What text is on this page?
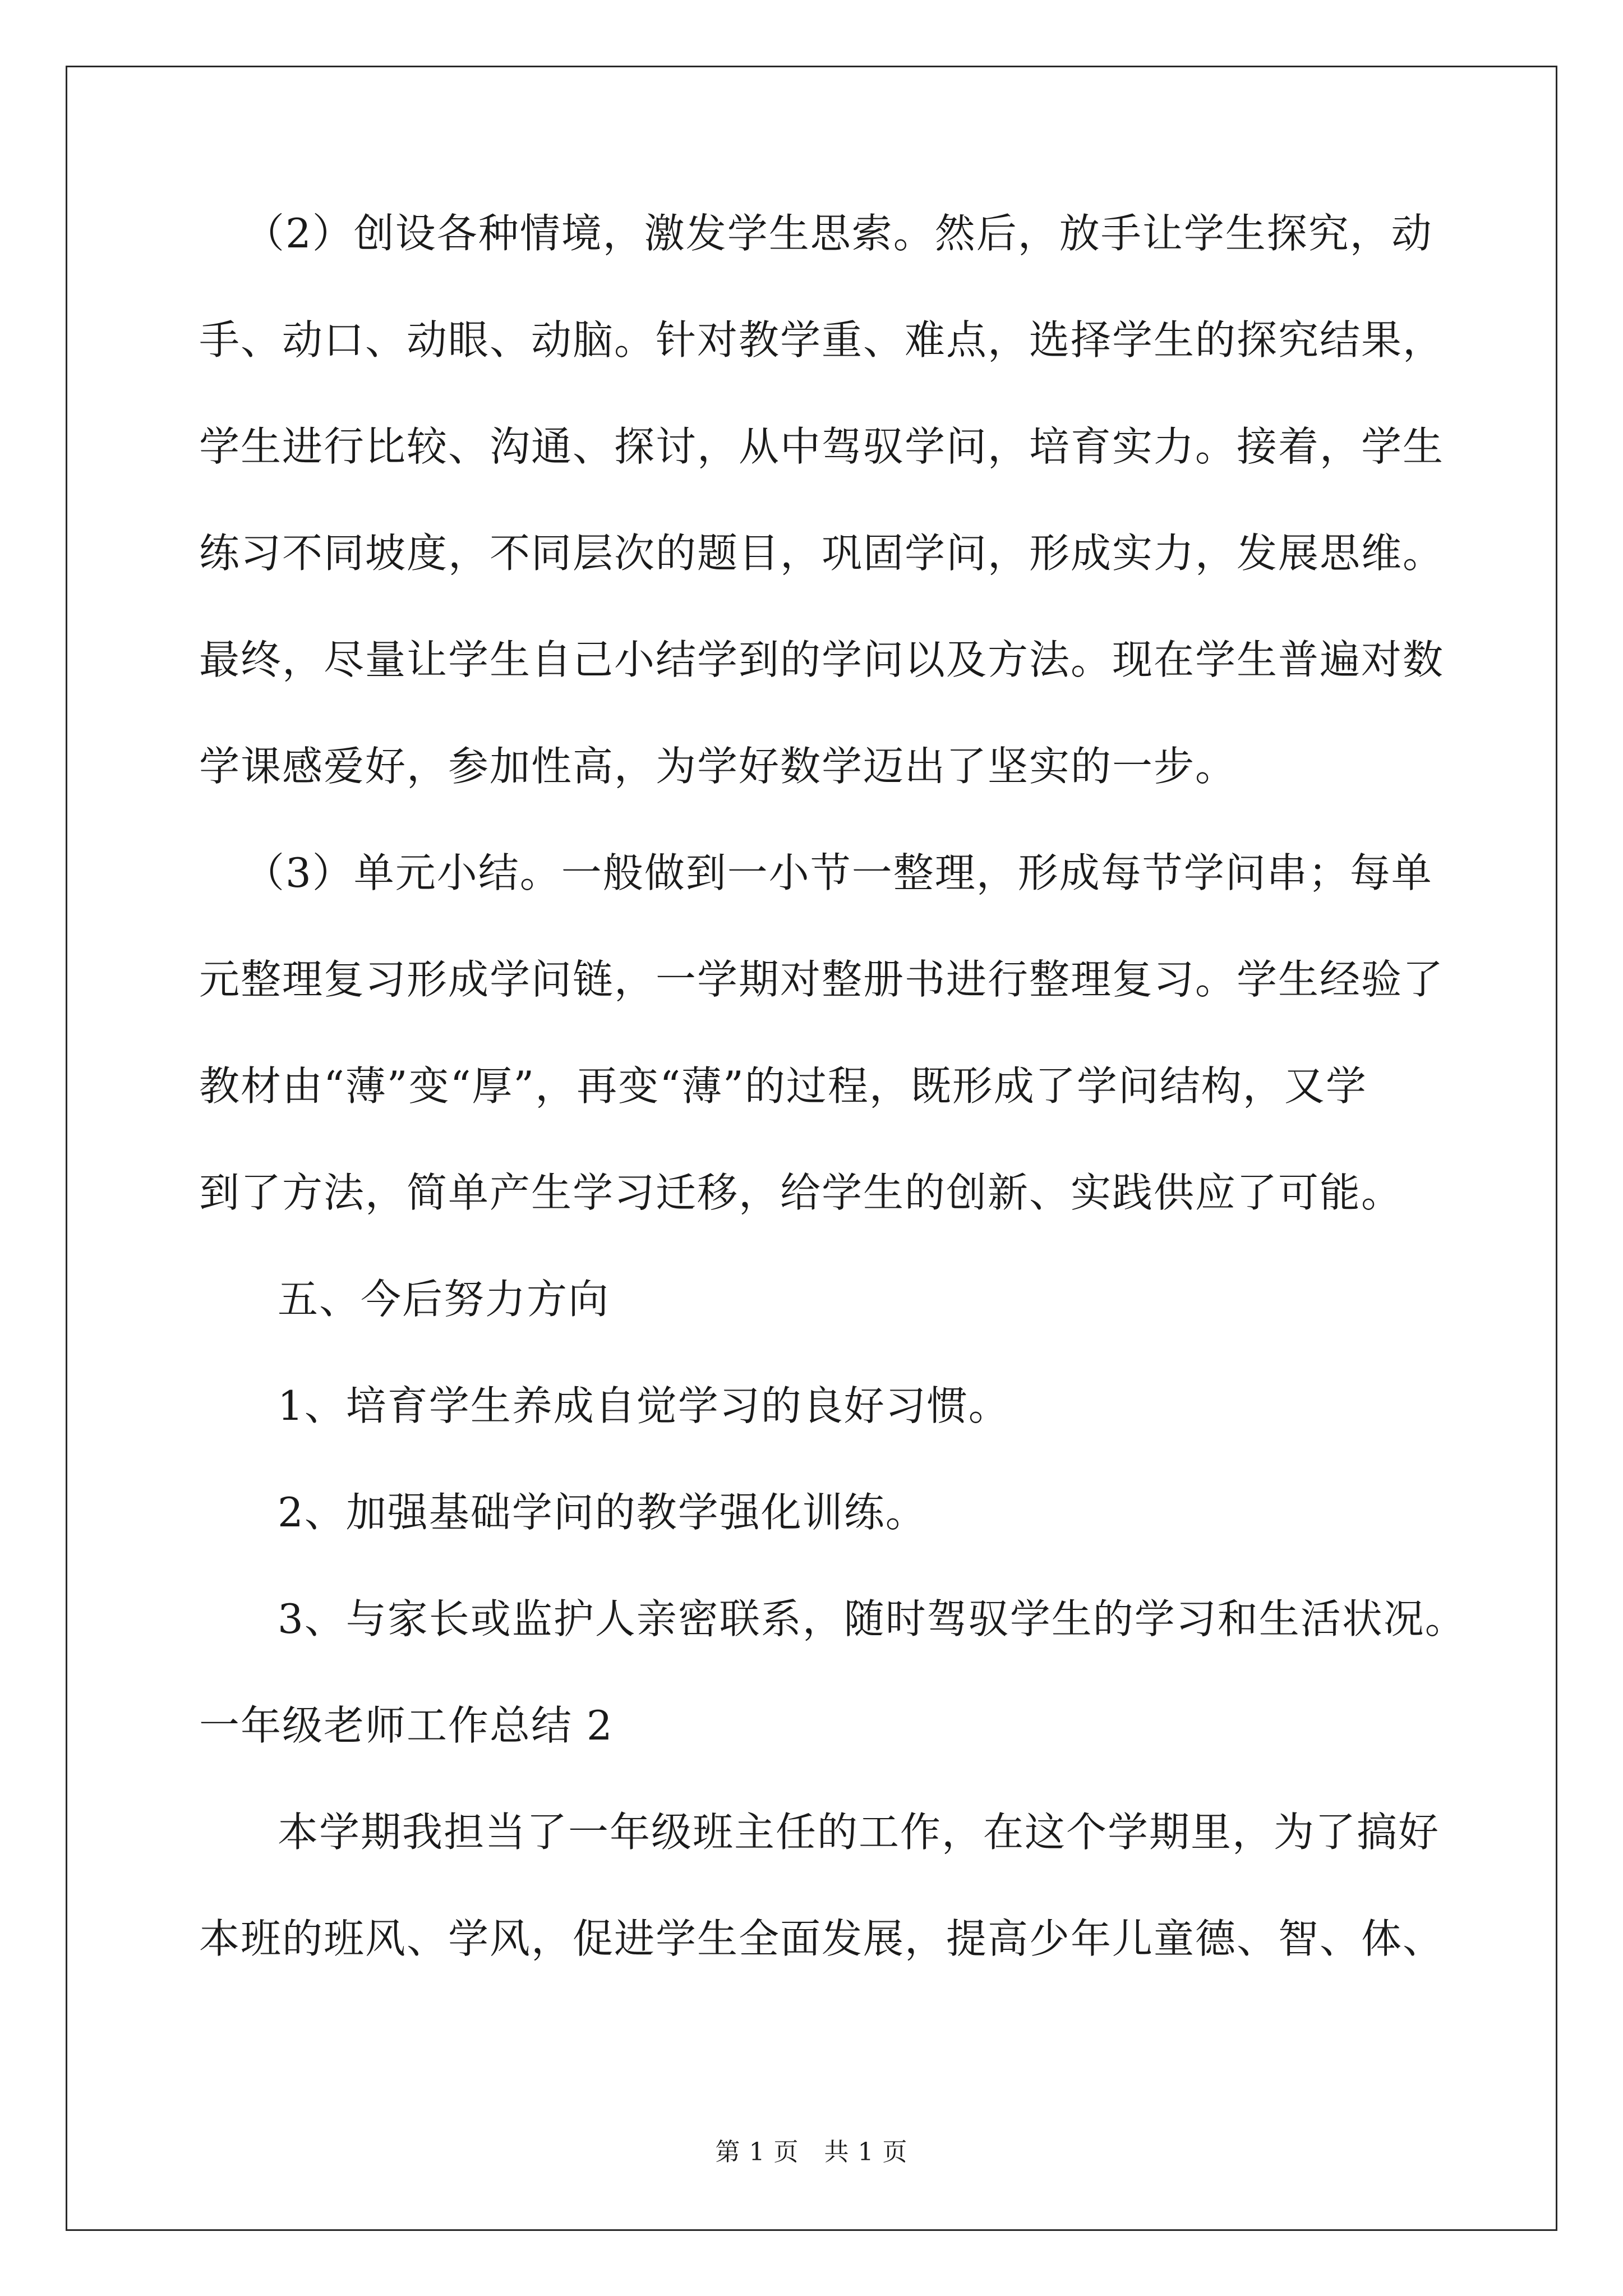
（2）创设各种情境，激发学生思索。然后，放手让学生探究，动
手、动口、动眼、动脑。针对教学重、难点，选择学生的探究结果，
学生进行比较、沟通、探讨，从中驾驭学问，培育实力。接着，学生
练习不同坡度，不同层次的题目，巩固学问，形成实力，发展思维。
最终，尽量让学生自己小结学到的学问以及方法。现在学生普遍对数
学课感爱好，参加性高，为学好数学迈出了坚实的一步。
（3）单元小结。一般做到一小节一整理，形成每节学问串；每单
元整理复习形成学问链，一学期对整册书进行整理复习。学生经验了
教材由“薄”变“厚”，再变“薄”的过程，既形成了学问结构，又学
到了方法，简单产生学习迁移，给学生的创新、实践供应了可能。
五、今后努力方向
1、培育学生养成自觉学习的良好习惯。
2、加强基础学问的教学强化训练。
3、与家长或监护人亲密联系，随时驾驭学生的学习和生活状况。
一年级老师工作总结 2
本学期我担当了一年级班主任的工作，在这个学期里，为了搞好
本班的班风、学风，促进学生全面发展，提高少年儿童德、智、体、
第 1 页　共 1 页
